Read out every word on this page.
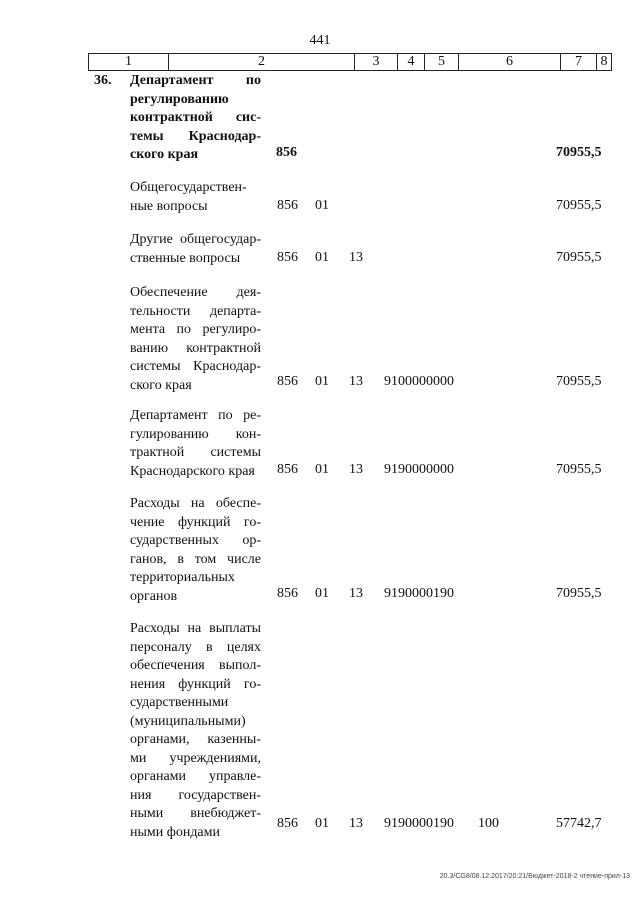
441
1	2	3	4	5	6	7	8
36. Департамент по
регулированию
контрактной сис-
темы Краснодар-
ского края	856	70955,5
Общегосударствен-
ные вопросы	856 01	70955,5
Другие общегосудар-
ственные вопросы	856 01 13	70955,5
Обеспечение дея-
тельности департа-
мента по регулиро-
ванию контрактной
системы Краснодар-
ского края	856 01 13 9100000000	70955,5
Департамент по ре-
гулированию кон-
трактной системы
Краснодарского края	856 01 13 9190000000	70955,5
Расходы на обеспе-
чение функций го-
сударственных ор-
ганов, в том числе
территориальных
органов	856 01 13 9190000190	70955,5
Расходы на выплаты
персоналу в целях
обеспечения выпол-
нения функций го-
сударственными
(муниципальными)
органами, казенны-
ми учреждениями,
органами управле-
ния государствен-
ными внебюджет-
ными фондами
856 01 13 9190000190 100	57742,7
20.3/CG8/08.12.2017/20:21/Бюджет-2018-2 чтение-прил-13
